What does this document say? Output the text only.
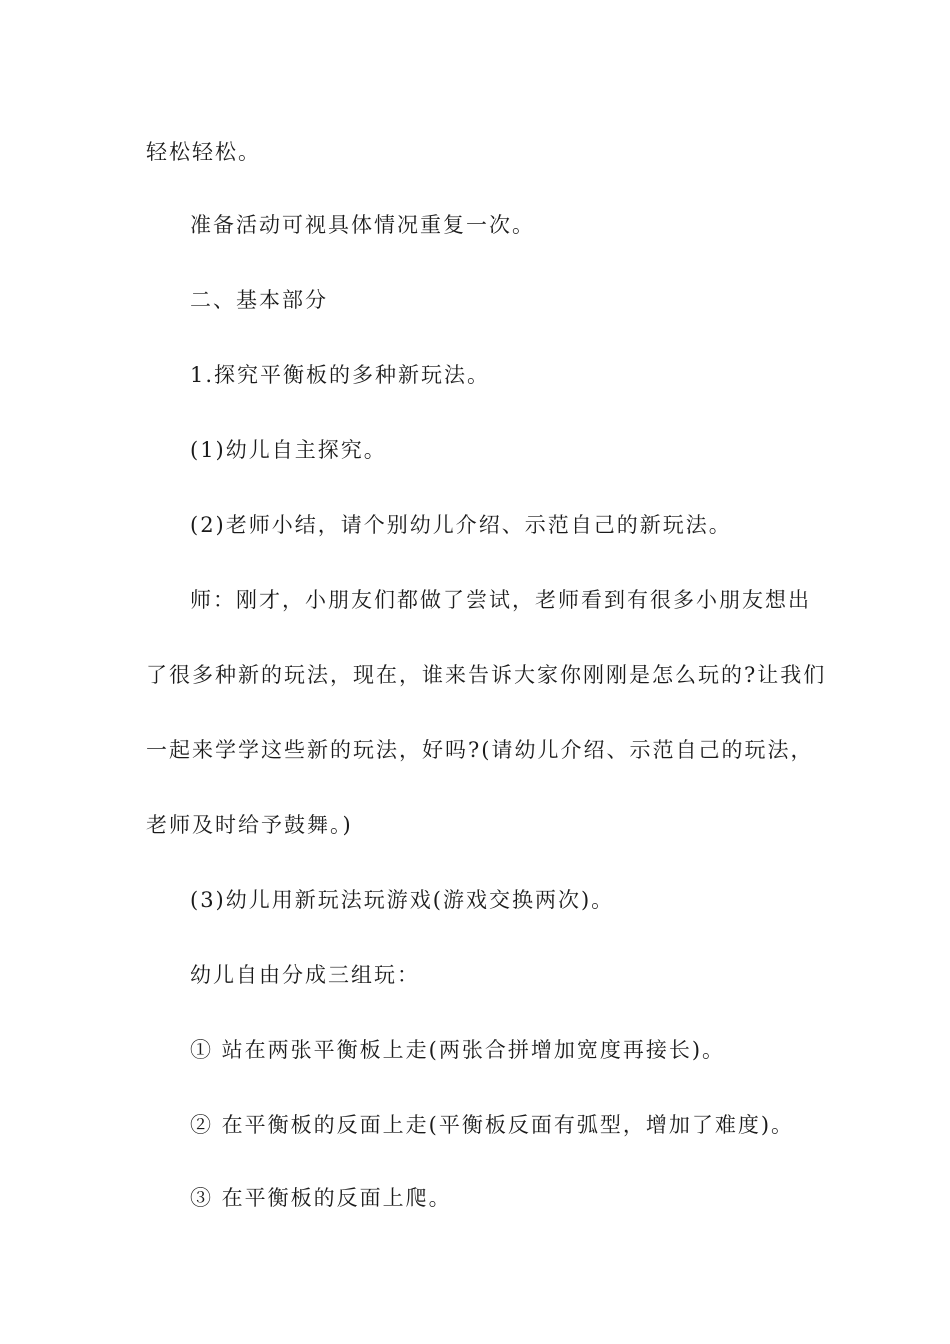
轻松轻松。
准备活动可视具体情况重复一次。
二、基本部分
1.探究平衡板的多种新玩法。
(1)幼儿自主探究。
(2)老师小结，请个别幼儿介绍、示范自己的新玩法。
师：刚才，小朋友们都做了尝试，老师看到有很多小朋友想出
了很多种新的玩法，现在，谁来告诉大家你刚刚是怎么玩的?让我们
一起来学学这些新的玩法，好吗?(请幼儿介绍、示范自己的玩法，
老师及时给予鼓舞。)
(3)幼儿用新玩法玩游戏(游戏交换两次)。
幼儿自由分成三组玩：
① 站在两张平衡板上走(两张合拼增加宽度再接长)。
② 在平衡板的反面上走(平衡板反面有弧型，增加了难度)。
③ 在平衡板的反面上爬。
